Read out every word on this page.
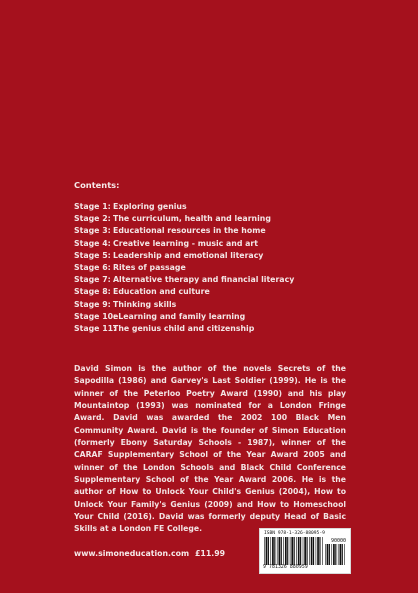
Contents:
Stage 1: Exploring genius
Stage 2: The curriculum, health and learning
Stage 3: Educational resources in the home
Stage 4: Creative learning - music and art
Stage 5: Leadership and emotional literacy
Stage 6: Rites of passage
Stage 7: Alternative therapy and financial literacy
Stage 8: Education and culture
Stage 9: Thinking skills
Stage 10:
eLearning and family learning
Stage 11:
The genius child and citizenship

David Simon is the author of the novels Secrets of the Sapodilla (1986) and Garvey's Last Soldier (1999). He is the winner of the Peterloo Poetry Award (1990) and his play Mountaintop (1993) was nominated for a London Fringe Award. David was awarded the 2002 100 Black Men Community Award. David is the founder of Simon Education (formerly Ebony Saturday Schools - 1987), winner of the CARAF Supplementary School of the Year Award 2005 and winner of the London Schools and Black Child Conference Supplementary School of the Year Award 2006. He is the author of How to Unlock Your Child's Genius (2004), How to Unlock Your Family's Genius (2009) and How to Homeschool Your Child (2016). David was formerly deputy Head of Basic Skills at a London FE College.

www.simoneducation.com £11.99
ISBN 978-1-326-88095-9
90000
9 781326 880959
